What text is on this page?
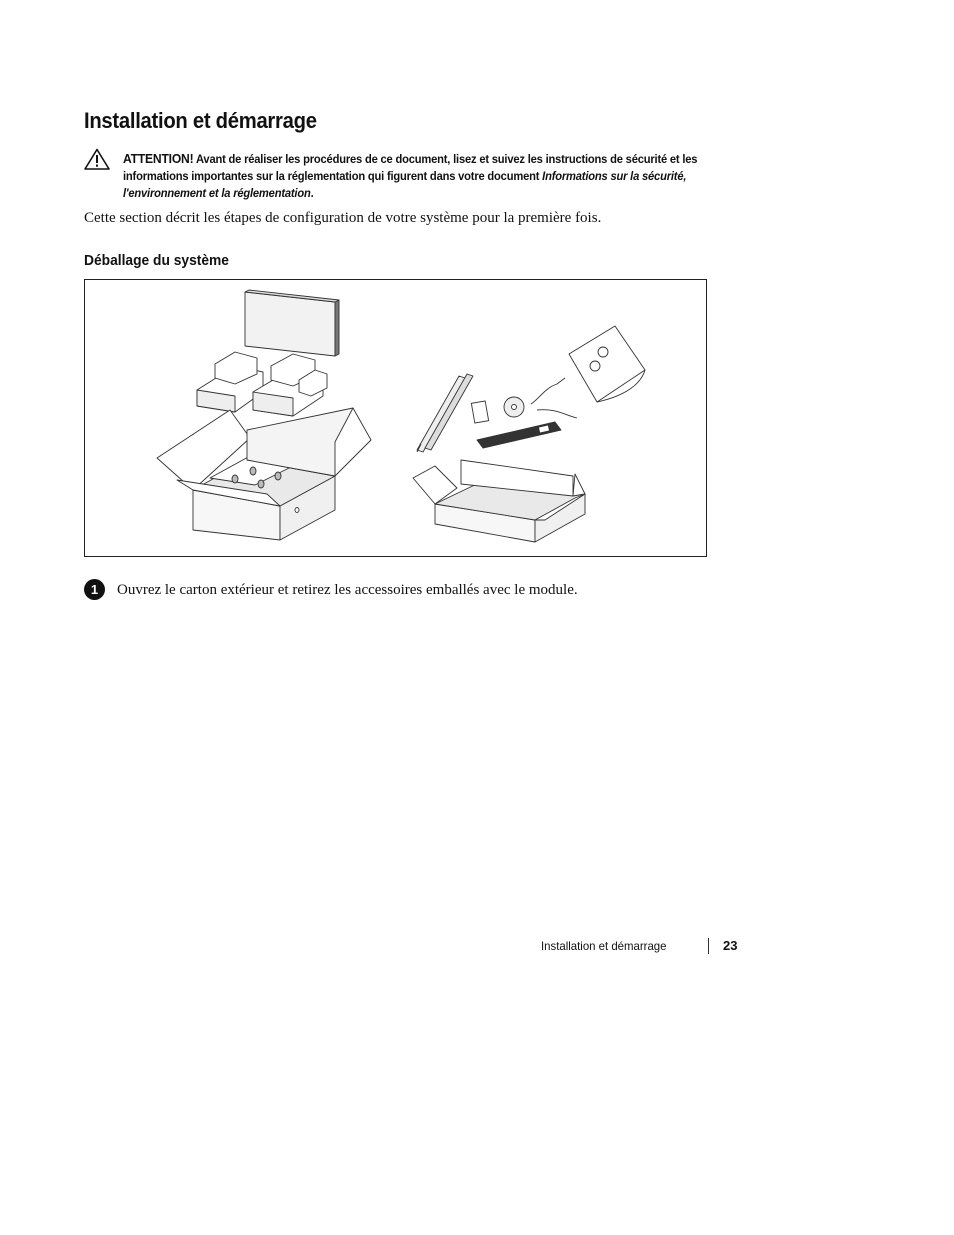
Installation et démarrage
ATTENTION! Avant de réaliser les procédures de ce document, lisez et suivez les instructions de sécurité et les informations importantes sur la réglementation qui figurent dans votre document Informations sur la sécurité, l'environnement et la réglementation.
Cette section décrit les étapes de configuration de votre système pour la première fois.
Déballage du système
1	Ouvrez le carton extérieur et retirez les accessoires emballés avec le module.
Installation et démarrage	23
